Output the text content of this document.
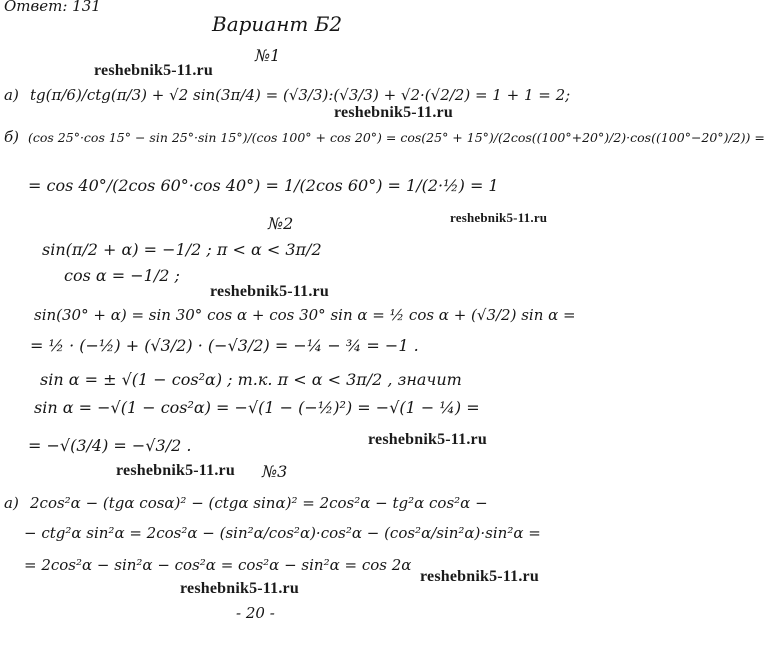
Ответ: 131
Вариант Б2
№1
reshebnik5-11.ru
а) tg(π/6)/ctg(π/3) + √2 sin(3π/4) = (√3/3):(√3/3) + √2·(√2/2) = 1 + 1 = 2;
reshebnik5-11.ru
б) (cos 25°·cos 15° − sin 25°·sin 15°)/(cos 100° + cos 20°) = cos(25° + 15°)/(2cos((100°+20°)/2)·cos((100°−20°)/2)) =
= cos 40°/(2cos 60°·cos 40°) = 1/(2cos 60°) = 1/(2·½) = 1
reshebnik5-11.ru
№2
sin(π/2 + α) = −1/2 ; π < α < 3π/2
cos α = −1/2 ;
reshebnik5-11.ru
sin(30° + α) = sin 30° cos α + cos 30° sin α = ½ cos α + (√3/2) sin α =
= ½ · (−½) + (√3/2) · (−√3/2) = −¼ − ¾ = −1 .
sin α = ± √(1 − cos²α) ; т.к. π < α < 3π/2 , значит
sin α = −√(1 − cos²α) = −√(1 − (−½)²) = −√(1 − ¼) =
reshebnik5-11.ru
= −√(3/4) = −√3/2 .
reshebnik5-11.ru №3
а) 2cos²α − (tgα cosα)² − (ctgα sinα)² = 2cos²α − tg²α cos²α −
− ctg²α sin²α = 2cos²α − (sin²α/cos²α)·cos²α − (cos²α/sin²α)·sin²α =
= 2cos²α − sin²α − cos²α = cos²α − sin²α = cos 2α
reshebnik5-11.ru
reshebnik5-11.ru
- 20 -
